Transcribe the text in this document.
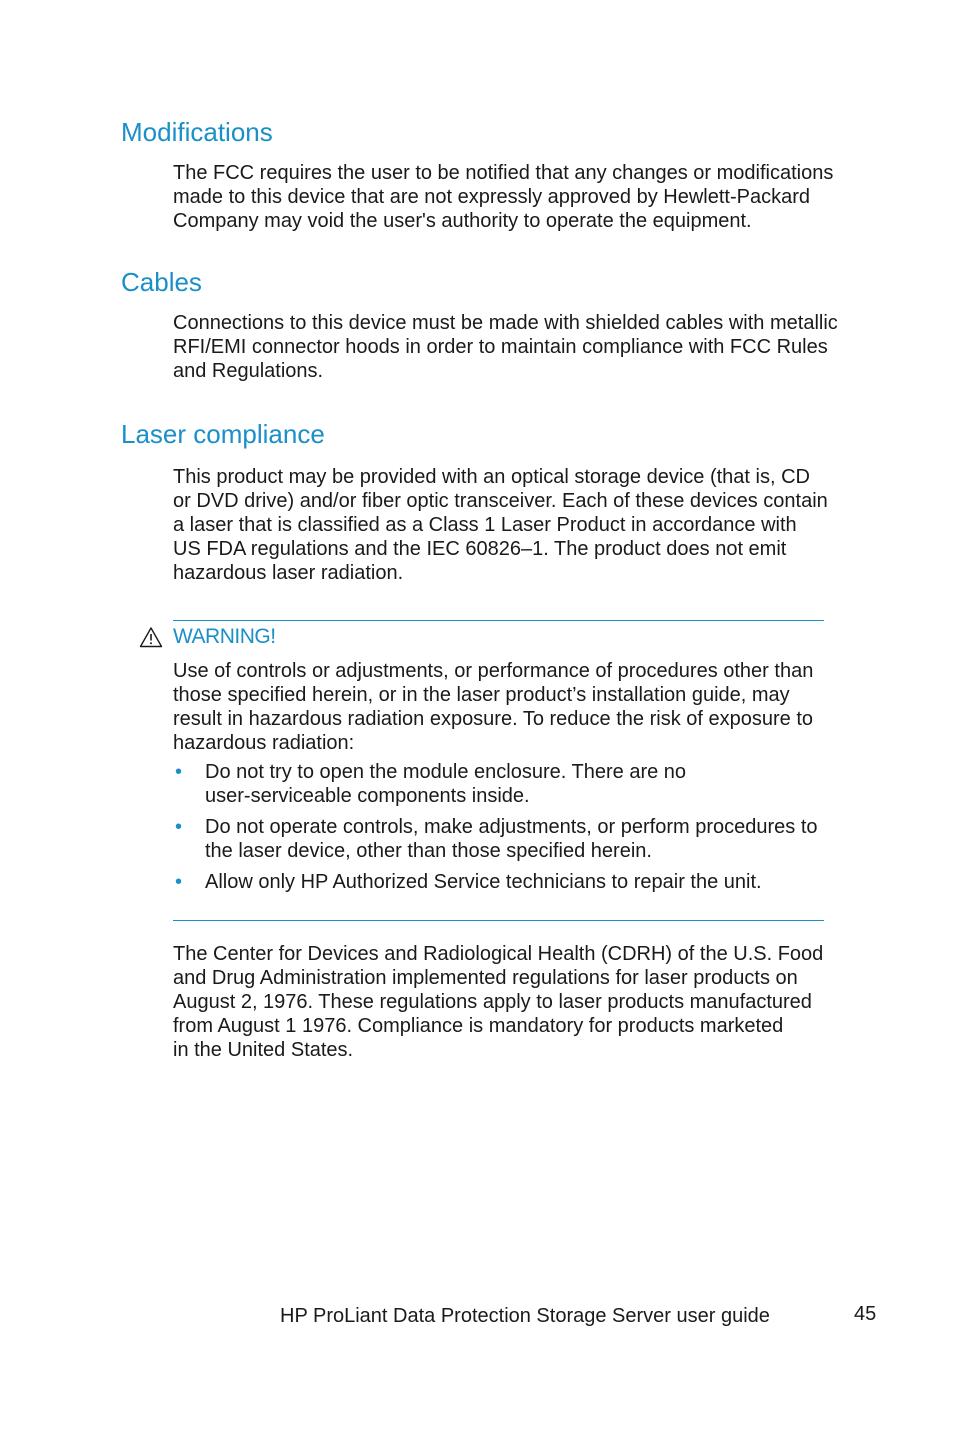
Modifications

The FCC requires the user to be notified that any changes or modifications
made to this device that are not expressly approved by Hewlett-Packard
Company may void the user's authority to operate the equipment.

Cables

Connections to this device must be made with shielded cables with metallic
RFI/EMI connector hoods in order to maintain compliance with FCC Rules
and Regulations.

Laser compliance

This product may be provided with an optical storage device (that is, CD
or DVD drive) and/or fiber optic transceiver. Each of these devices contain
a laser that is classified as a Class 1 Laser Product in accordance with
US FDA regulations and the IEC 60826–1. The product does not emit
hazardous laser radiation.

WARNING!

Use of controls or adjustments, or performance of procedures other than
those specified herein, or in the laser product’s installation guide, may
result in hazardous radiation exposure. To reduce the risk of exposure to
hazardous radiation:

• Do not try to open the module enclosure. There are no
user-serviceable components inside.
• Do not operate controls, make adjustments, or perform procedures to
the laser device, other than those specified herein.
• Allow only HP Authorized Service technicians to repair the unit.

The Center for Devices and Radiological Health (CDRH) of the U.S. Food
and Drug Administration implemented regulations for laser products on
August 2, 1976. These regulations apply to laser products manufactured
from August 1 1976. Compliance is mandatory for products marketed
in the United States.

HP ProLiant Data Protection Storage Server user guide	45
